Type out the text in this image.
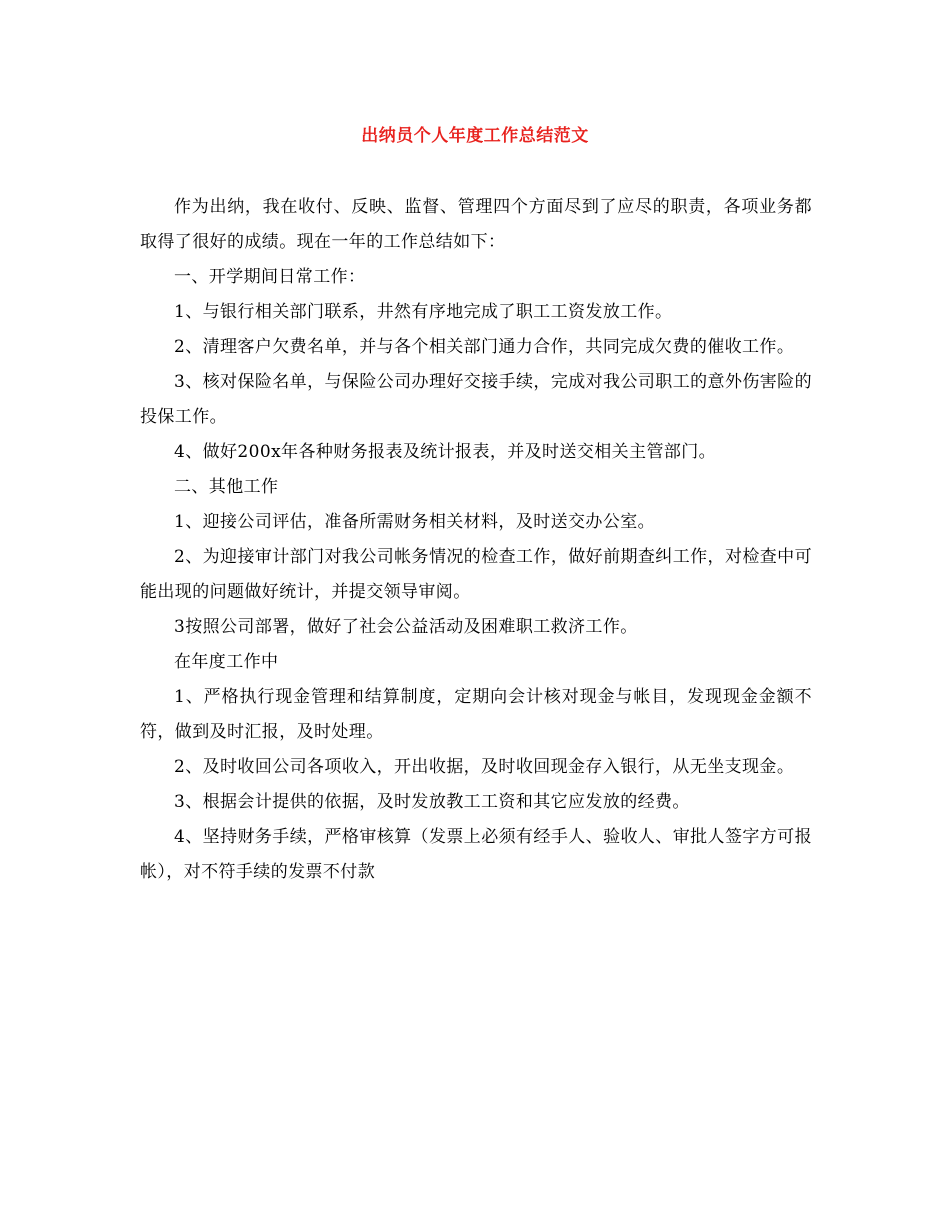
出纳员个人年度工作总结范文

作为出纳，我在收付、反映、监督、管理四个方面尽到了应尽的职责，各项业务都取得了很好的成绩。现在一年的工作总结如下：

一、开学期间日常工作：

1、与银行相关部门联系，井然有序地完成了职工工资发放工作。

2、清理客户欠费名单，并与各个相关部门通力合作，共同完成欠费的催收工作。

3、核对保险名单，与保险公司办理好交接手续，完成对我公司职工的意外伤害险的投保工作。

4、做好200x年各种财务报表及统计报表，并及时送交相关主管部门。

二、其他工作

1、迎接公司评估，准备所需财务相关材料，及时送交办公室。

2、为迎接审计部门对我公司帐务情况的检查工作，做好前期查纠工作，对检查中可能出现的问题做好统计，并提交领导审阅。

3按照公司部署，做好了社会公益活动及困难职工救济工作。

在年度工作中

1、严格执行现金管理和结算制度，定期向会计核对现金与帐目，发现现金金额不符，做到及时汇报，及时处理。

2、及时收回公司各项收入，开出收据，及时收回现金存入银行，从无坐支现金。

3、根据会计提供的依据，及时发放教工工资和其它应发放的经费。

4、坚持财务手续，严格审核算（发票上必须有经手人、验收人、审批人签字方可报帐），对不符手续的发票不付款
